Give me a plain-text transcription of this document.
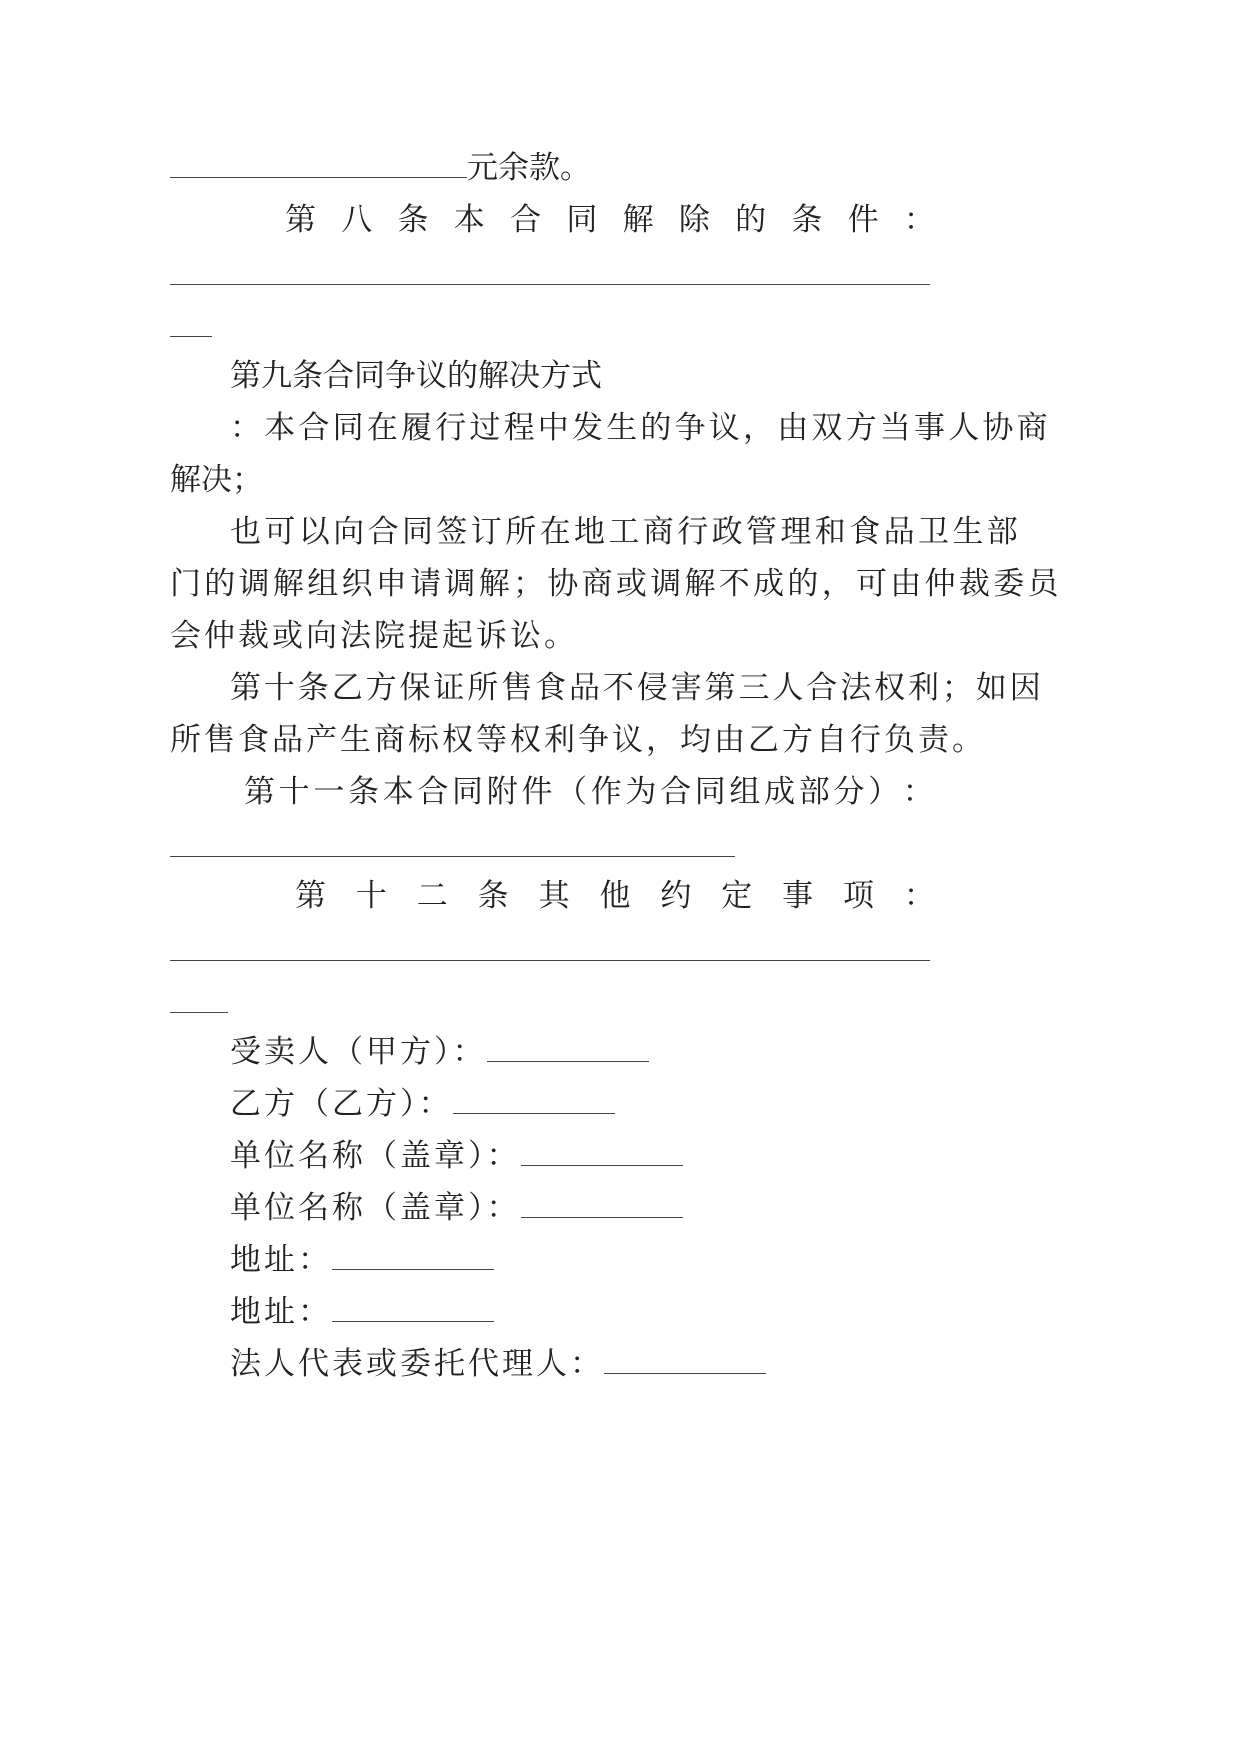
元余款。
第 八 条 本 合 同 解 除 的 条 件 ：
第九条合同争议的解决方式
：本合同在履行过程中发生的争议，由双方当事人协商
解决；
也可以向合同签订所在地工商行政管理和食品卫生部
门的调解组织申请调解；协商或调解不成的，可由仲裁委员
会仲裁或向法院提起诉讼。
第十条乙方保证所售食品不侵害第三人合法权利；如因
所售食品产生商标权等权利争议，均由乙方自行负责。
第 十 一 条 本 合 同 附 件 （ 作 为 合 同 组 成 部 分 ） ：
第 十 二 条 其 他 约 定 事 项 ：
受卖人（甲方）：
乙方（乙方）：
单位名称（盖章）：
单位名称（盖章）：
地址：
地址：
法人代表或委托代理人：
